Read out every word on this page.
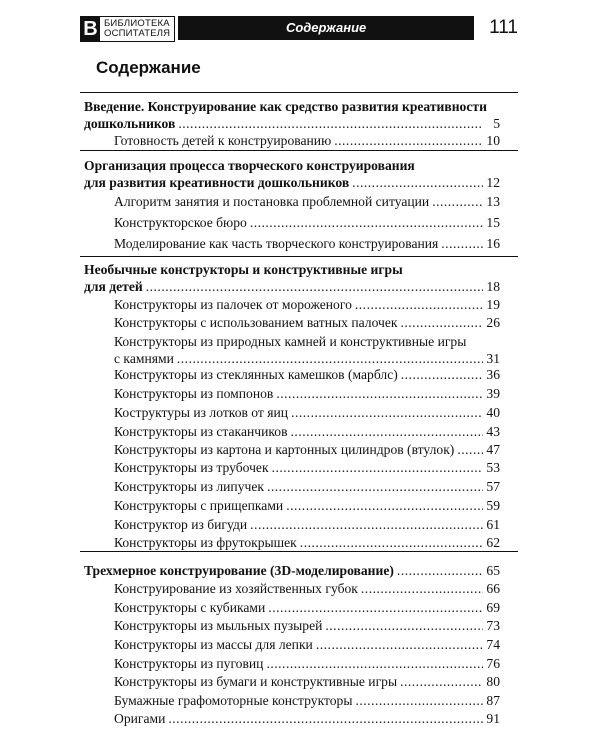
B БИБЛИОТЕКА
ОСПИТАТЕЛЯ	Содержание	111
Содержание
Введение. Конструирование как средство развития креативности
дошкольников .....	5
Готовность детей к конструированию .....	10
Организация процесса творческого конструирования
для развития креативности дошкольников .....	12
Алгоритм занятия и постановка проблемной ситуации .....	13
Конструкторское бюро .....	15
Моделирование как часть творческого конструирования .....	16
Необычные конструкторы и конструктивные игры
для детей .....	18
Конструкторы из палочек от мороженого .....	19
Конструкторы с использованием ватных палочек .....	26
Конструкторы из природных камней и конструктивные игры
с камнями .....	31
Конструкторы из стеклянных камешков (марблс) .....	36
Конструкторы из помпонов .....	39
Коструктуры из лотков от яиц .....	40
Конструкторы из стаканчиков .....	43
Конструкторы из картона и картонных цилиндров (втулок) ..... 47
Конструкторы из трубочек .....	53
Конструкторы из липучек .....	57
Конструкторы с прищепками .....	59
Конструктор из бигуди .....	61
Конструкторы из фрутокрышек .....	62
Трехмерное конструирование (3D-моделирование) .....	65
Конструирование из хозяйственных губок .....	66
Конструкторы с кубиками .....	69
Конструкторы из мыльных пузырей .....	73
Конструкторы из массы для лепки .....	74
Конструкторы из пуговиц .....	76
Конструкторы из бумаги и конструктивные игры .....	80
Бумажные графомоторные конструкторы .....	87
Оригами .....	91
